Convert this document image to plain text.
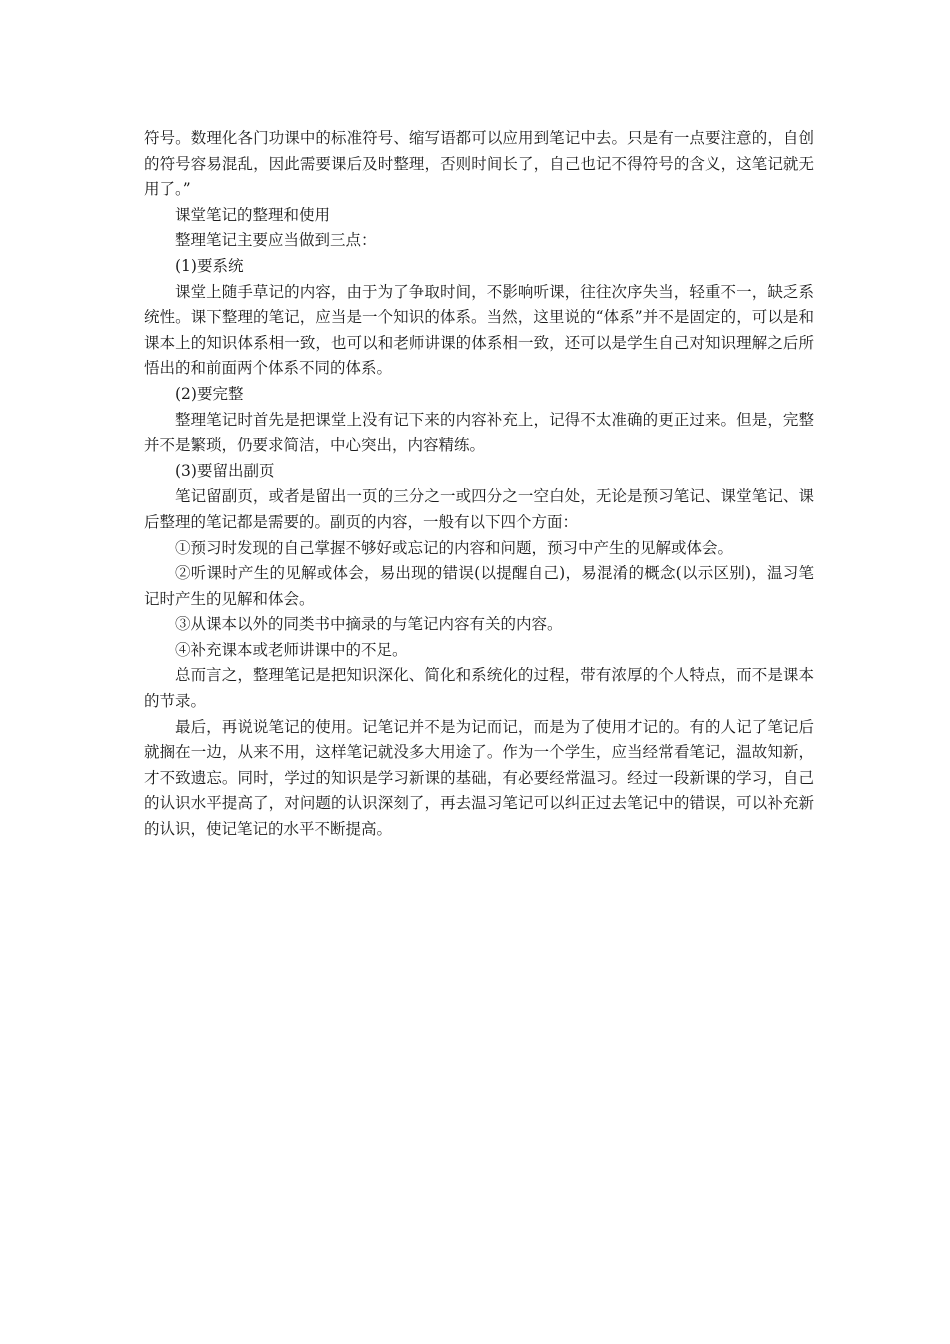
符号。数理化各门功课中的标准符号、缩写语都可以应用到笔记中去。只是有一点要注意的，自创的符号容易混乱，因此需要课后及时整理，否则时间长了，自己也记不得符号的含义，这笔记就无用了。”

课堂笔记的整理和使用

整理笔记主要应当做到三点：

(1)要系统

课堂上随手草记的内容，由于为了争取时间，不影响听课，往往次序失当，轻重不一，缺乏系统性。课下整理的笔记，应当是一个知识的体系。当然，这里说的“体系”并不是固定的，可以是和课本上的知识体系相一致，也可以和老师讲课的体系相一致，还可以是学生自己对知识理解之后所悟出的和前面两个体系不同的体系。

(2)要完整

整理笔记时首先是把课堂上没有记下来的内容补充上，记得不太准确的更正过来。但是，完整并不是繁琐，仍要求简洁，中心突出，内容精练。

(3)要留出副页

笔记留副页，或者是留出一页的三分之一或四分之一空白处，无论是预习笔记、课堂笔记、课后整理的笔记都是需要的。副页的内容，一般有以下四个方面：

①预习时发现的自己掌握不够好或忘记的内容和问题，预习中产生的见解或体会。

②听课时产生的见解或体会，易出现的错误(以提醒自己)，易混淆的概念(以示区别)，温习笔记时产生的见解和体会。

③从课本以外的同类书中摘录的与笔记内容有关的内容。

④补充课本或老师讲课中的不足。

总而言之，整理笔记是把知识深化、简化和系统化的过程，带有浓厚的个人特点，而不是课本的节录。

最后，再说说笔记的使用。记笔记并不是为记而记，而是为了使用才记的。有的人记了笔记后就搁在一边，从来不用，这样笔记就没多大用途了。作为一个学生，应当经常看笔记，温故知新，才不致遗忘。同时，学过的知识是学习新课的基础，有必要经常温习。经过一段新课的学习，自己的认识水平提高了，对问题的认识深刻了，再去温习笔记可以纠正过去笔记中的错误，可以补充新的认识，使记笔记的水平不断提高。
